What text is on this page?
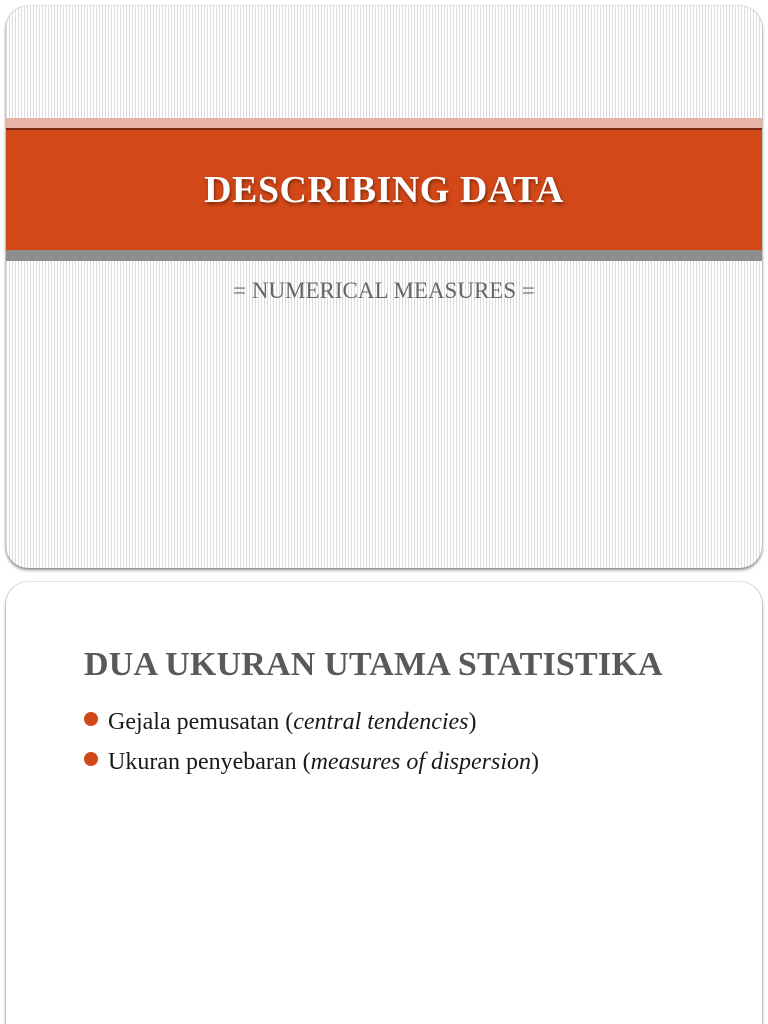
DESCRIBING DATA
= NUMERICAL MEASURES =
DUA UKURAN UTAMA STATISTIKA
Gejala pemusatan ( central tendencies )
Ukuran penyebaran ( measures of dispersion )
